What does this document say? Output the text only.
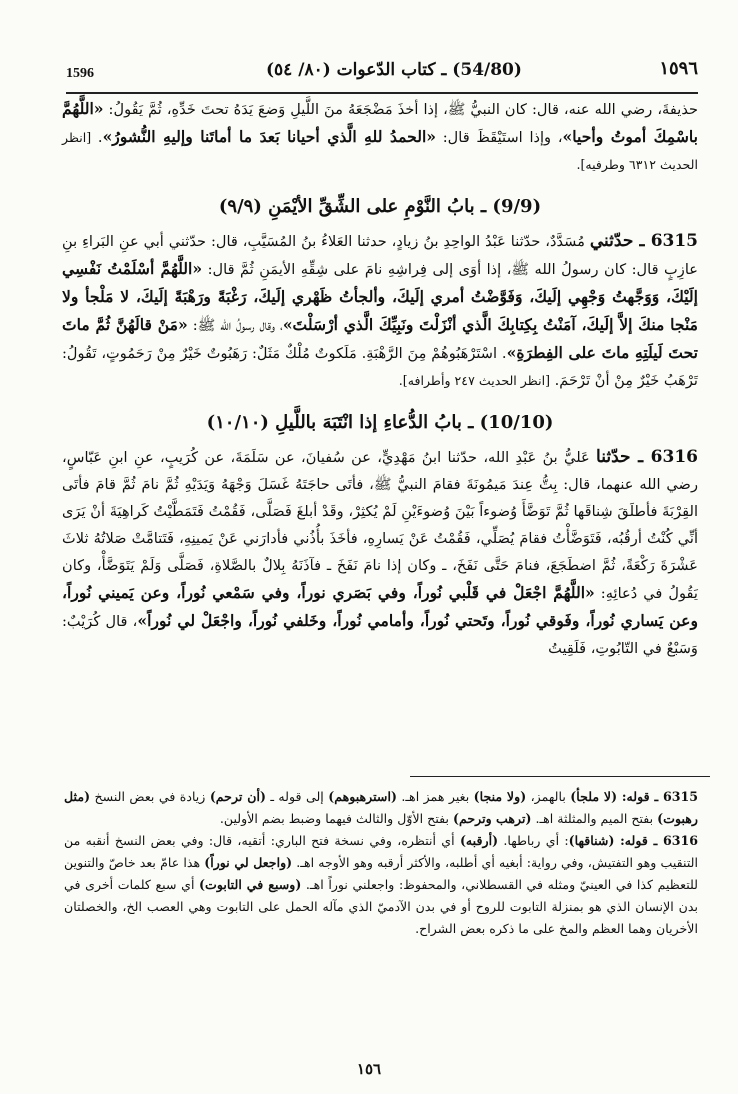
1596	(54/80) ـ كتاب الدّعوات (٨٠/ ٥٤)	١٥٩٦

حذيفةَ، رضي الله عنه، قال: كان النبيُّ ﷺ، إذا أخذَ مَضْجَعَهُ منَ اللَّيلِ وَضعَ يَدَهُ تحتَ خَدِّهِ، ثُمَّ يَقُولُ: «اللَّهُمَّ باسْمِكَ أموتُ وأحيا»، وإذا استَيْقَظَ قال: «الحمدُ للهِ الَّذي أحيانا بَعدَ ما أماتَنا وإليهِ النُّشورُ». [انظر الحديث ٦٣١٢ وطرفيه].

(9/9) ـ بابُ النَّوْمِ على الشِّقِّ الأيْمَنِ (٩/٩)

6315 ـ حدّثني مُسَدَّدٌ، حدّثنا عَبْدُ الواحِدِ بنُ زيادٍ، حدثنا العَلاءُ بنُ المُسَيَّبِ، قال: حدّثني أبي عنِ البَراءِ بنِ عازِبٍ قال: كان رسولُ الله ﷺ، إذا أوَى إلى فِراشِهِ نامَ على شِقِّهِ الأيمَنِ ثُمَّ قال: «اللَّهُمَّ أسْلَمْتُ نَفْسِي إلَيْكَ، وَوَجَّهتُ وَجْهِي إلَيكَ، وَفَوَّضْتُ أمري إلَيكَ، وألجأتُ ظَهْري إلَيكَ، رَغْبَةً ورَهْبَةً إلَيكَ، لا مَلْجأ ولا مَنْجا منكَ إلاَّ إلَيكَ، آمَنْتُ بِكِتابِكَ الَّذي أنْزَلْتَ ونَبِيِّكَ الَّذي أرْسَلْتَ»، وقال رسولُ الله ﷺ: «مَنْ قالَهُنَّ ثُمَّ ماتَ تحتَ لَيلَتِهِ ماتَ على الفِطرَةِ». اسْتَرْهَبُوهُمْ مِنَ الرَّهْبَةِ. مَلَكوتٌ مُلْكٌ مَثَلٌ: رَهَبُوتٌ خَيْرٌ مِنْ رَحَمُوتٍ، تَقُولُ: تَرْهَبُ خَيْرٌ مِنْ أنْ تَرْحَمَ. [انظر الحديث ٢٤٧ وأطرافه].

(10/10) ـ بابُ الدُّعاءِ إذا انْتَبَهَ باللَّيلِ (١٠/١٠)

6316 ـ حدّثنا عَليُّ بنُ عَبْدِ الله، حدّثنا ابنُ مَهْدِيٍّ، عن سُفيانَ، عن سَلَمَةَ، عن كُرَيبٍ، عنِ ابنِ عَبّاسٍ، رضي الله عنهما، قال: بِتُّ عِندَ مَيمُونَةَ فقامَ النبيُّ ﷺ، فأتَى حاجَتَهُ غَسَلَ وَجْهَهُ وَيَدَيْهِ ثُمَّ نامَ ثُمَّ قامَ فأتَى القِرْبَةَ فأطلَقَ شِناقَها ثُمَّ تَوَضَّأَ وُضوءاً بَيْنَ وُضوءَيْنِ لَمْ يُكثِرْ، وقَدْ أبلغَ فَصَلَّى، فَقُمْتُ فَتَمَطَّيْتُ كَراهِيَةَ أنْ يَرَى أنِّي كُنْتُ أرقُبُه، فَتَوَضَّأْتُ فقامَ يُصَلِّي، فَقُمْتُ عَنْ يَسارِهِ، فأخَذَ بأُذُني فأدارَني عَنْ يَمينِهِ، فَتَتامَّتْ صَلاتُهُ ثلاثَ عَشْرَةَ رَكْعَةً، ثُمَّ اضطَجَعَ، فنامَ حَتَّى نَفَخَ، ـ وكان إذا نامَ نَفَخَ ـ فآذَنَهُ بِلالٌ بالصَّلاةِ، فَصَلَّى وَلَمْ يَتَوَضَّأْ، وكان يَقُولُ في دُعائِهِ: «اللَّهُمَّ اجْعَلْ في قَلْبي نُوراً، وفي بَصَري نوراً، وفي سَمْعي نُوراً، وعن يَميني نُوراً، وعن يَساري نُوراً، وفَوقي نُوراً، وتَحتي نُوراً، وأمامي نُوراً، وخَلفي نُوراً، واجْعَلْ لي نُوراً»، قال كُرَيْبٌ: وَسَبْعٌ في التّابُوتِ، فَلَقِيتُ

6315 ـ قوله: (لا ملجأ) بالهمز، (ولا منجا) بغير همز اهـ. (استرهبوهم) إلى قوله ـ (أن ترحم) زيادة في بعض النسخ (مثل رهبوت) بفتح الميم والمثلثة اهـ. (ترهب وترحم) بفتح الأوّل والثالث فيهما وضبط بضم الأولين.

6316 ـ قوله: (شناقها): أي رباطها. (أرقبه) أي أنتظره، وفي نسخة فتح الباري: أتقيه، قال: وفي بعض النسخ أنقبه من التنقيب وهو التفتيش، وفي رواية: أبغيه أي أطلبه، والأكثر أرقبه وهو الأوجه اهـ. (واجعل لي نوراً) هذا عامّ بعد خاصّ والتنوين للتعظيم كذا في العينيّ ومثله في القسطلاني، والمحفوظ: واجعلني نوراً اهـ. (وسبع في التابوت) أي سبع كلمات أخرى في بدن الإنسان الذي هو بمنزلة التابوت للروح أو في بدن الآدميّ الذي مآله الحمل على التابوت وهي العصب الخ، والخصلتان الأخريان وهما العظم والمخ على ما ذكره بعض الشراح.

١٥٦
